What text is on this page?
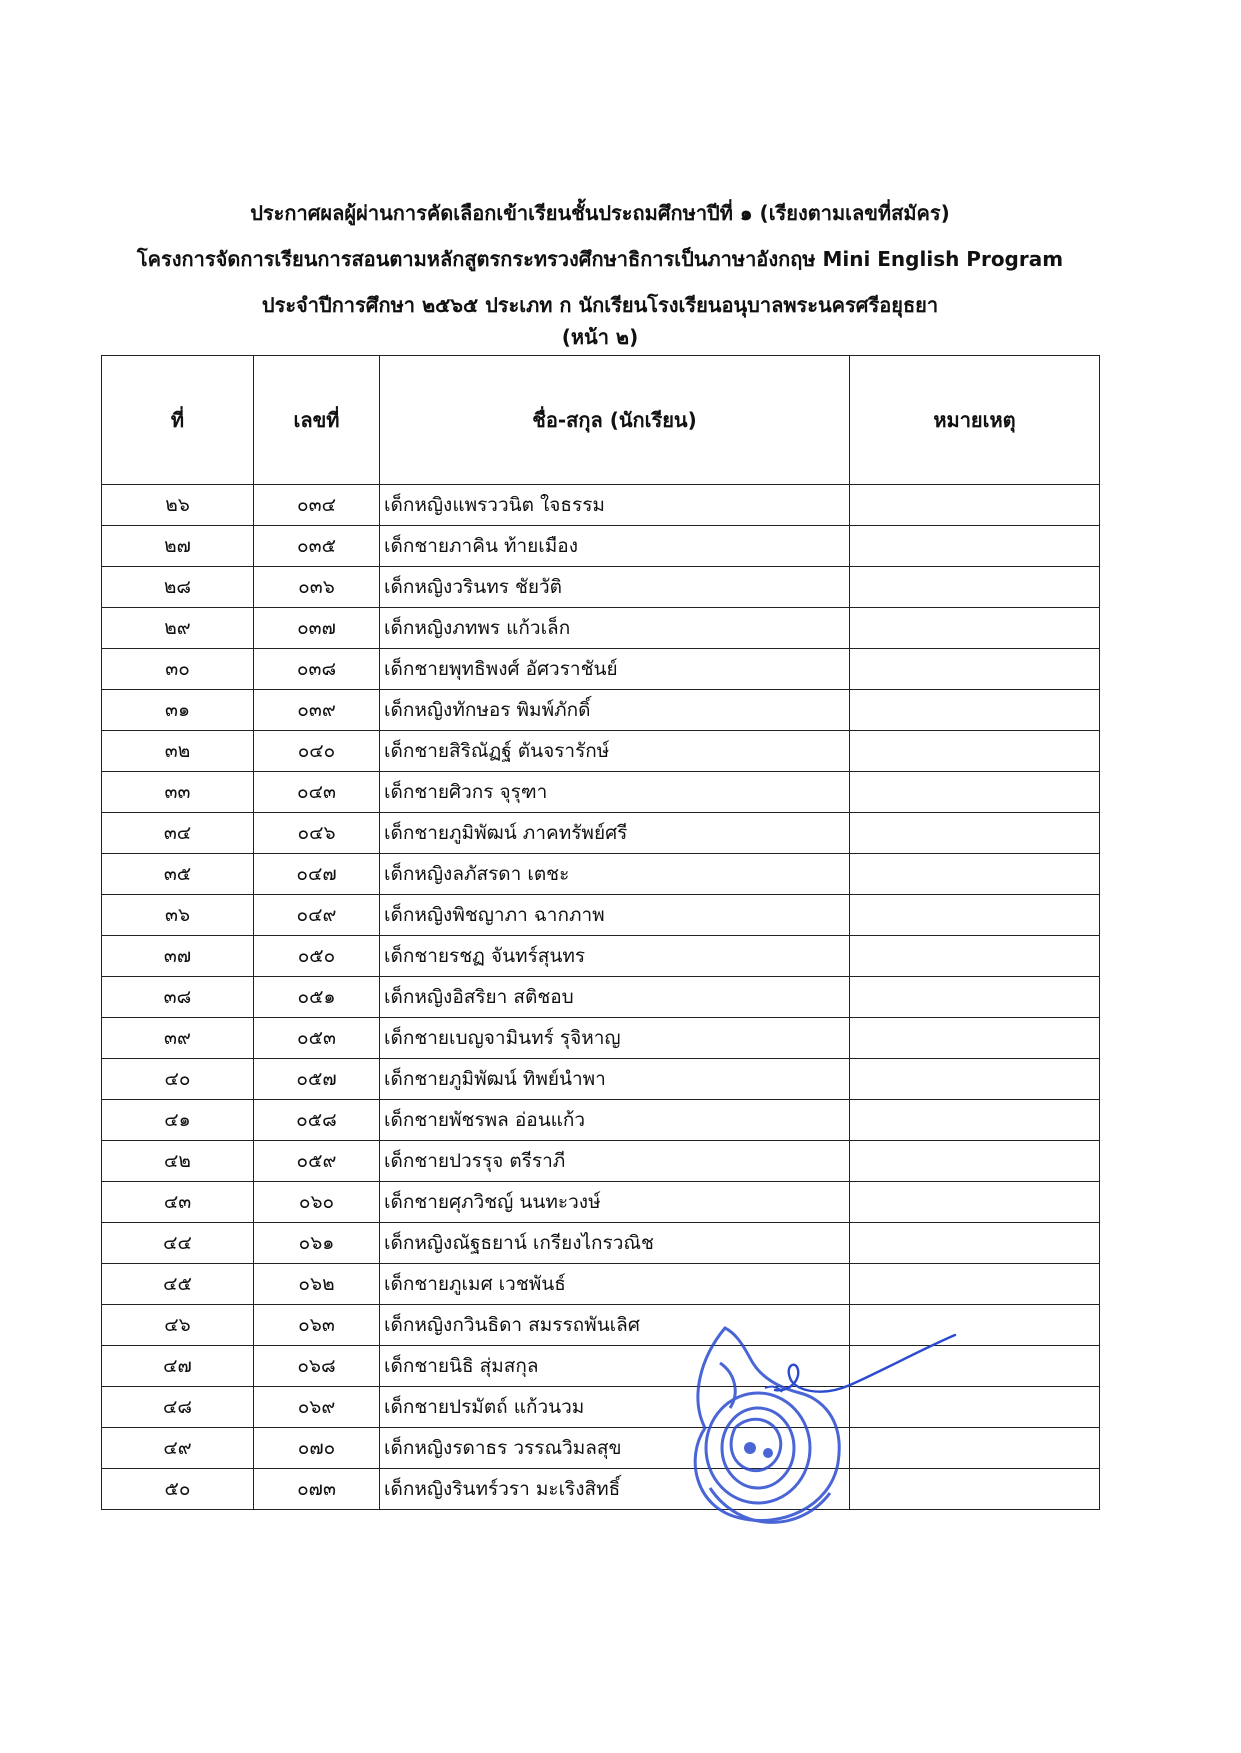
ประกาศผลผู้ผ่านการคัดเลือกเข้าเรียนชั้นประถมศึกษาปีที่ ๑ (เรียงตามเลขที่สมัคร)
โครงการจัดการเรียนการสอนตามหลักสูตรกระทรวงศึกษาธิการเป็นภาษาอังกฤษ Mini English Program
ประจำปีการศึกษา ๒๕๖๕ ประเภท ก นักเรียนโรงเรียนอนุบาลพระนครศรีอยุธยา
(หน้า ๒)
ที่	เลขที่	ชื่อ-สกุล (นักเรียน)	หมายเหตุ
๒๖	๐๓๔	เด็กหญิงแพรววนิต ใจธรรม	
๒๗	๐๓๕	เด็กชายภาคิน ท้ายเมือง	
๒๘	๐๓๖	เด็กหญิงวรินทร ชัยวัติ	
๒๙	๐๓๗	เด็กหญิงภทพร แก้วเล็ก	
๓๐	๐๓๘	เด็กชายพุทธิพงศ์ อัศวราชันย์	
๓๑	๐๓๙	เด็กหญิงทักษอร พิมพ์ภักดิ์	
๓๒	๐๔๐	เด็กชายสิริณัฏฐ์ ตันจรารักษ์	
๓๓	๐๔๓	เด็กชายศิวกร จุรุฑา	
๓๔	๐๔๖	เด็กชายภูมิพัฒน์ ภาคทรัพย์ศรี	
๓๕	๐๔๗	เด็กหญิงลภัสรดา เตชะ	
๓๖	๐๔๙	เด็กหญิงพิชญาภา ฉากภาพ	
๓๗	๐๕๐	เด็กชายรชฏ จันทร์สุนทร	
๓๘	๐๕๑	เด็กหญิงอิสริยา สติชอบ	
๓๙	๐๕๓	เด็กชายเบญจามินทร์ รุจิหาญ	
๔๐	๐๕๗	เด็กชายภูมิพัฒน์ ทิพย์นำพา	
๔๑	๐๕๘	เด็กชายพัชรพล อ่อนแก้ว	
๔๒	๐๕๙	เด็กชายปวรรุจ ตรีราภี	
๔๓	๐๖๐	เด็กชายศุภวิชญ์ นนทะวงษ์	
๔๔	๐๖๑	เด็กหญิงณัฐธยาน์ เกรียงไกรวณิช	
๔๕	๐๖๒	เด็กชายภูเมศ เวชพันธ์	
๔๖	๐๖๓	เด็กหญิงกวินธิดา สมรรถพันเลิศ	
๔๗	๐๖๘	เด็กชายนิธิ สุ่มสกุล	
๔๘	๐๖๙	เด็กชายปรมัตถ์ แก้วนวม	
๔๙	๐๗๐	เด็กหญิงรดาธร วรรณวิมลสุข	
๕๐	๐๗๓	เด็กหญิงรินทร์วรา มะเริงสิทธิ์	
